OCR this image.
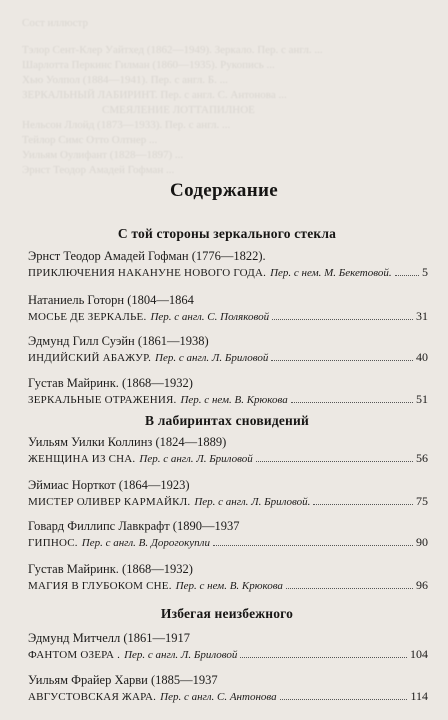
Сост иллюстр
Тэлор Сент-Клер Уайтхед (1862—1949). Зеркало. Пер. с англ. ...
Шарлотта Перкинс Гилман (1860—1935). Рукопись ...
Хью Уолпол (1884—1941). Пер. с англ. Б. ...
ЗЕРКАЛЬНЫЙ ЛАБИРИНТ. Пер. с англ. С. Антонова ...
СМЕЯЛЕНИЕ ЛОТТАПИЛНОЕ
Нельсон Ллойд (1873—1933). Пер. с англ. ...
Тейлор Симс Отто Олтнер ...
Уильям Оулифант (1828—1897) ...
Эрнст Теодор Амадей Гофман ...
Содержание
С той стороны зеркального стекла
Эрнст Теодор Амадей Гофман (1776—1822).
ПРИКЛЮЧЕНИЯ НАКАНУНЕ НОВОГО ГОДА. Пер. с нем. М. Бекетовой.	5
Натаниель Готорн (1804—1864
МОСЬЕ ДЕ ЗЕРКАЛЬЕ. Пер. с англ. С. Поляковой	31
Эдмунд Гилл Суэйн (1861—1938)
ИНДИЙСКИЙ АБАЖУР. Пер. с англ. Л. Бриловой	40
Густав Майринк. (1868—1932)
ЗЕРКАЛЬНЫЕ ОТРАЖЕНИЯ. Пер. с нем. В. Крюкова	51
В лабиринтах сновидений
Уильям Уилки Коллинз (1824—1889)
ЖЕНЩИНА ИЗ СНА. Пер. с англ. Л. Бриловой	56
Эймиас Норткот (1864—1923)
МИСТЕР ОЛИВЕР КАРМАЙКЛ. Пер. с англ. Л. Бриловой.	75
Говард Филлипс Лавкрафт (1890—1937
ГИПНОС. Пер. с англ. В. Дорогокупли	90
Густав Майринк. (1868—1932)
МАГИЯ В ГЛУБОКОМ СНЕ. Пер. с нем. В. Крюкова	96
Избегая неизбежного
Эдмунд Митчелл (1861—1917
ФАНТОМ ОЗЕРА . Пер. с англ. Л. Бриловой	104
Уильям Фрайер Харви (1885—1937
АВГУСТОВСКАЯ ЖАРА. Пер. с англ. С. Антонова	114
